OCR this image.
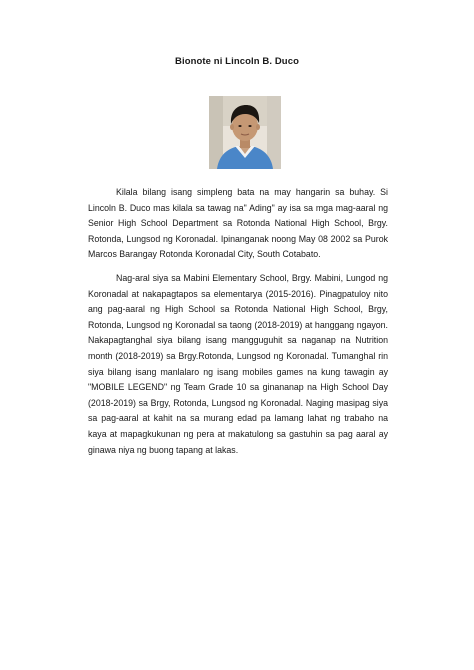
Bionote ni Lincoln B. Duco

Kilala bilang isang simpleng bata na may hangarin sa buhay. Si Lincoln B. Duco mas kilala sa tawag na" Ading" ay isa sa mga mag-aaral ng Senior High School Department sa Rotonda National High School, Brgy. Rotonda, Lungsod ng Koronadal. Ipinanganak noong May 08 2002 sa Purok Marcos Barangay Rotonda Koronadal City, South Cotabato.

Nag-aral siya sa Mabini Elementary School, Brgy. Mabini, Lungod ng Koronadal at nakapagtapos sa elementarya (2015-2016). Pinagpatuloy nito ang pag-aaral ng High School sa Rotonda National High School, Brgy, Rotonda, Lungsod ng Koronadal sa taong (2018-2019) at hanggang ngayon. Nakapagtanghal siya bilang isang mangguguhit sa naganap na Nutrition month (2018-2019) sa Brgy.Rotonda, Lungsod ng Koronadal. Tumanghal rin siya bilang isang manlalaro ng isang mobiles games na kung tawagin ay "MOBILE LEGEND" ng Team Grade 10 sa ginananap na High School Day (2018-2019) sa Brgy, Rotonda, Lungsod ng Koronadal. Naging masipag siya sa pag-aaral at kahit na sa murang edad pa lamang lahat ng trabaho na kaya at mapagkukunan ng pera at makatulong sa gastuhin sa pag aaral ay ginawa niya ng buong tapang at lakas.
